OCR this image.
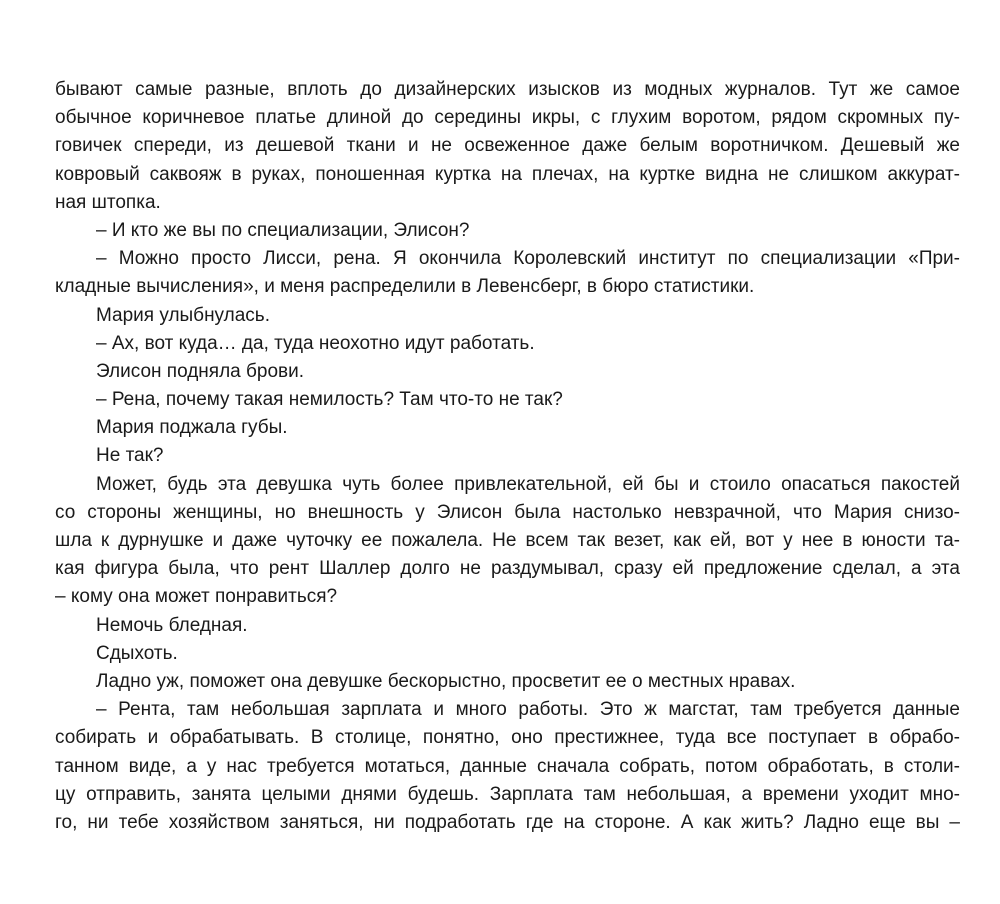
бывают самые разные, вплоть до дизайнерских изысков из модных журналов. Тут же самое
обычное коричневое платье длиной до середины икры, с глухим воротом, рядом скромных пу-
говичек спереди, из дешевой ткани и не освеженное даже белым воротничком. Дешевый же
ковровый саквояж в руках, поношенная куртка на плечах, на куртке видна не слишком аккурат-
ная штопка.
– И кто же вы по специализации, Элисон?
– Можно просто Лисси, рена. Я окончила Королевский институт по специализации «При-
кладные вычисления», и меня распределили в Левенсберг, в бюро статистики.
Мария улыбнулась.
– Ах, вот куда… да, туда неохотно идут работать.
Элисон подняла брови.
– Рена, почему такая немилость? Там что-то не так?
Мария поджала губы.
Не так?
Может, будь эта девушка чуть более привлекательной, ей бы и стоило опасаться пакостей
со стороны женщины, но внешность у Элисон была настолько невзрачной, что Мария снизо-
шла к дурнушке и даже чуточку ее пожалела. Не всем так везет, как ей, вот у нее в юности та-
кая фигура была, что рент Шаллер долго не раздумывал, сразу ей предложение сделал, а эта
– кому она может понравиться?
Немочь бледная.
Сдыхоть.
Ладно уж, поможет она девушке бескорыстно, просветит ее о местных нравах.
– Рента, там небольшая зарплата и много работы. Это ж магстат, там требуется данные
собирать и обрабатывать. В столице, понятно, оно престижнее, туда все поступает в обрабо-
танном виде, а у нас требуется мотаться, данные сначала собрать, потом обработать, в столи-
цу отправить, занята целыми днями будешь. Зарплата там небольшая, а времени уходит мно-
го, ни тебе хозяйством заняться, ни подработать где на стороне. А как жить? Ладно еще вы –
